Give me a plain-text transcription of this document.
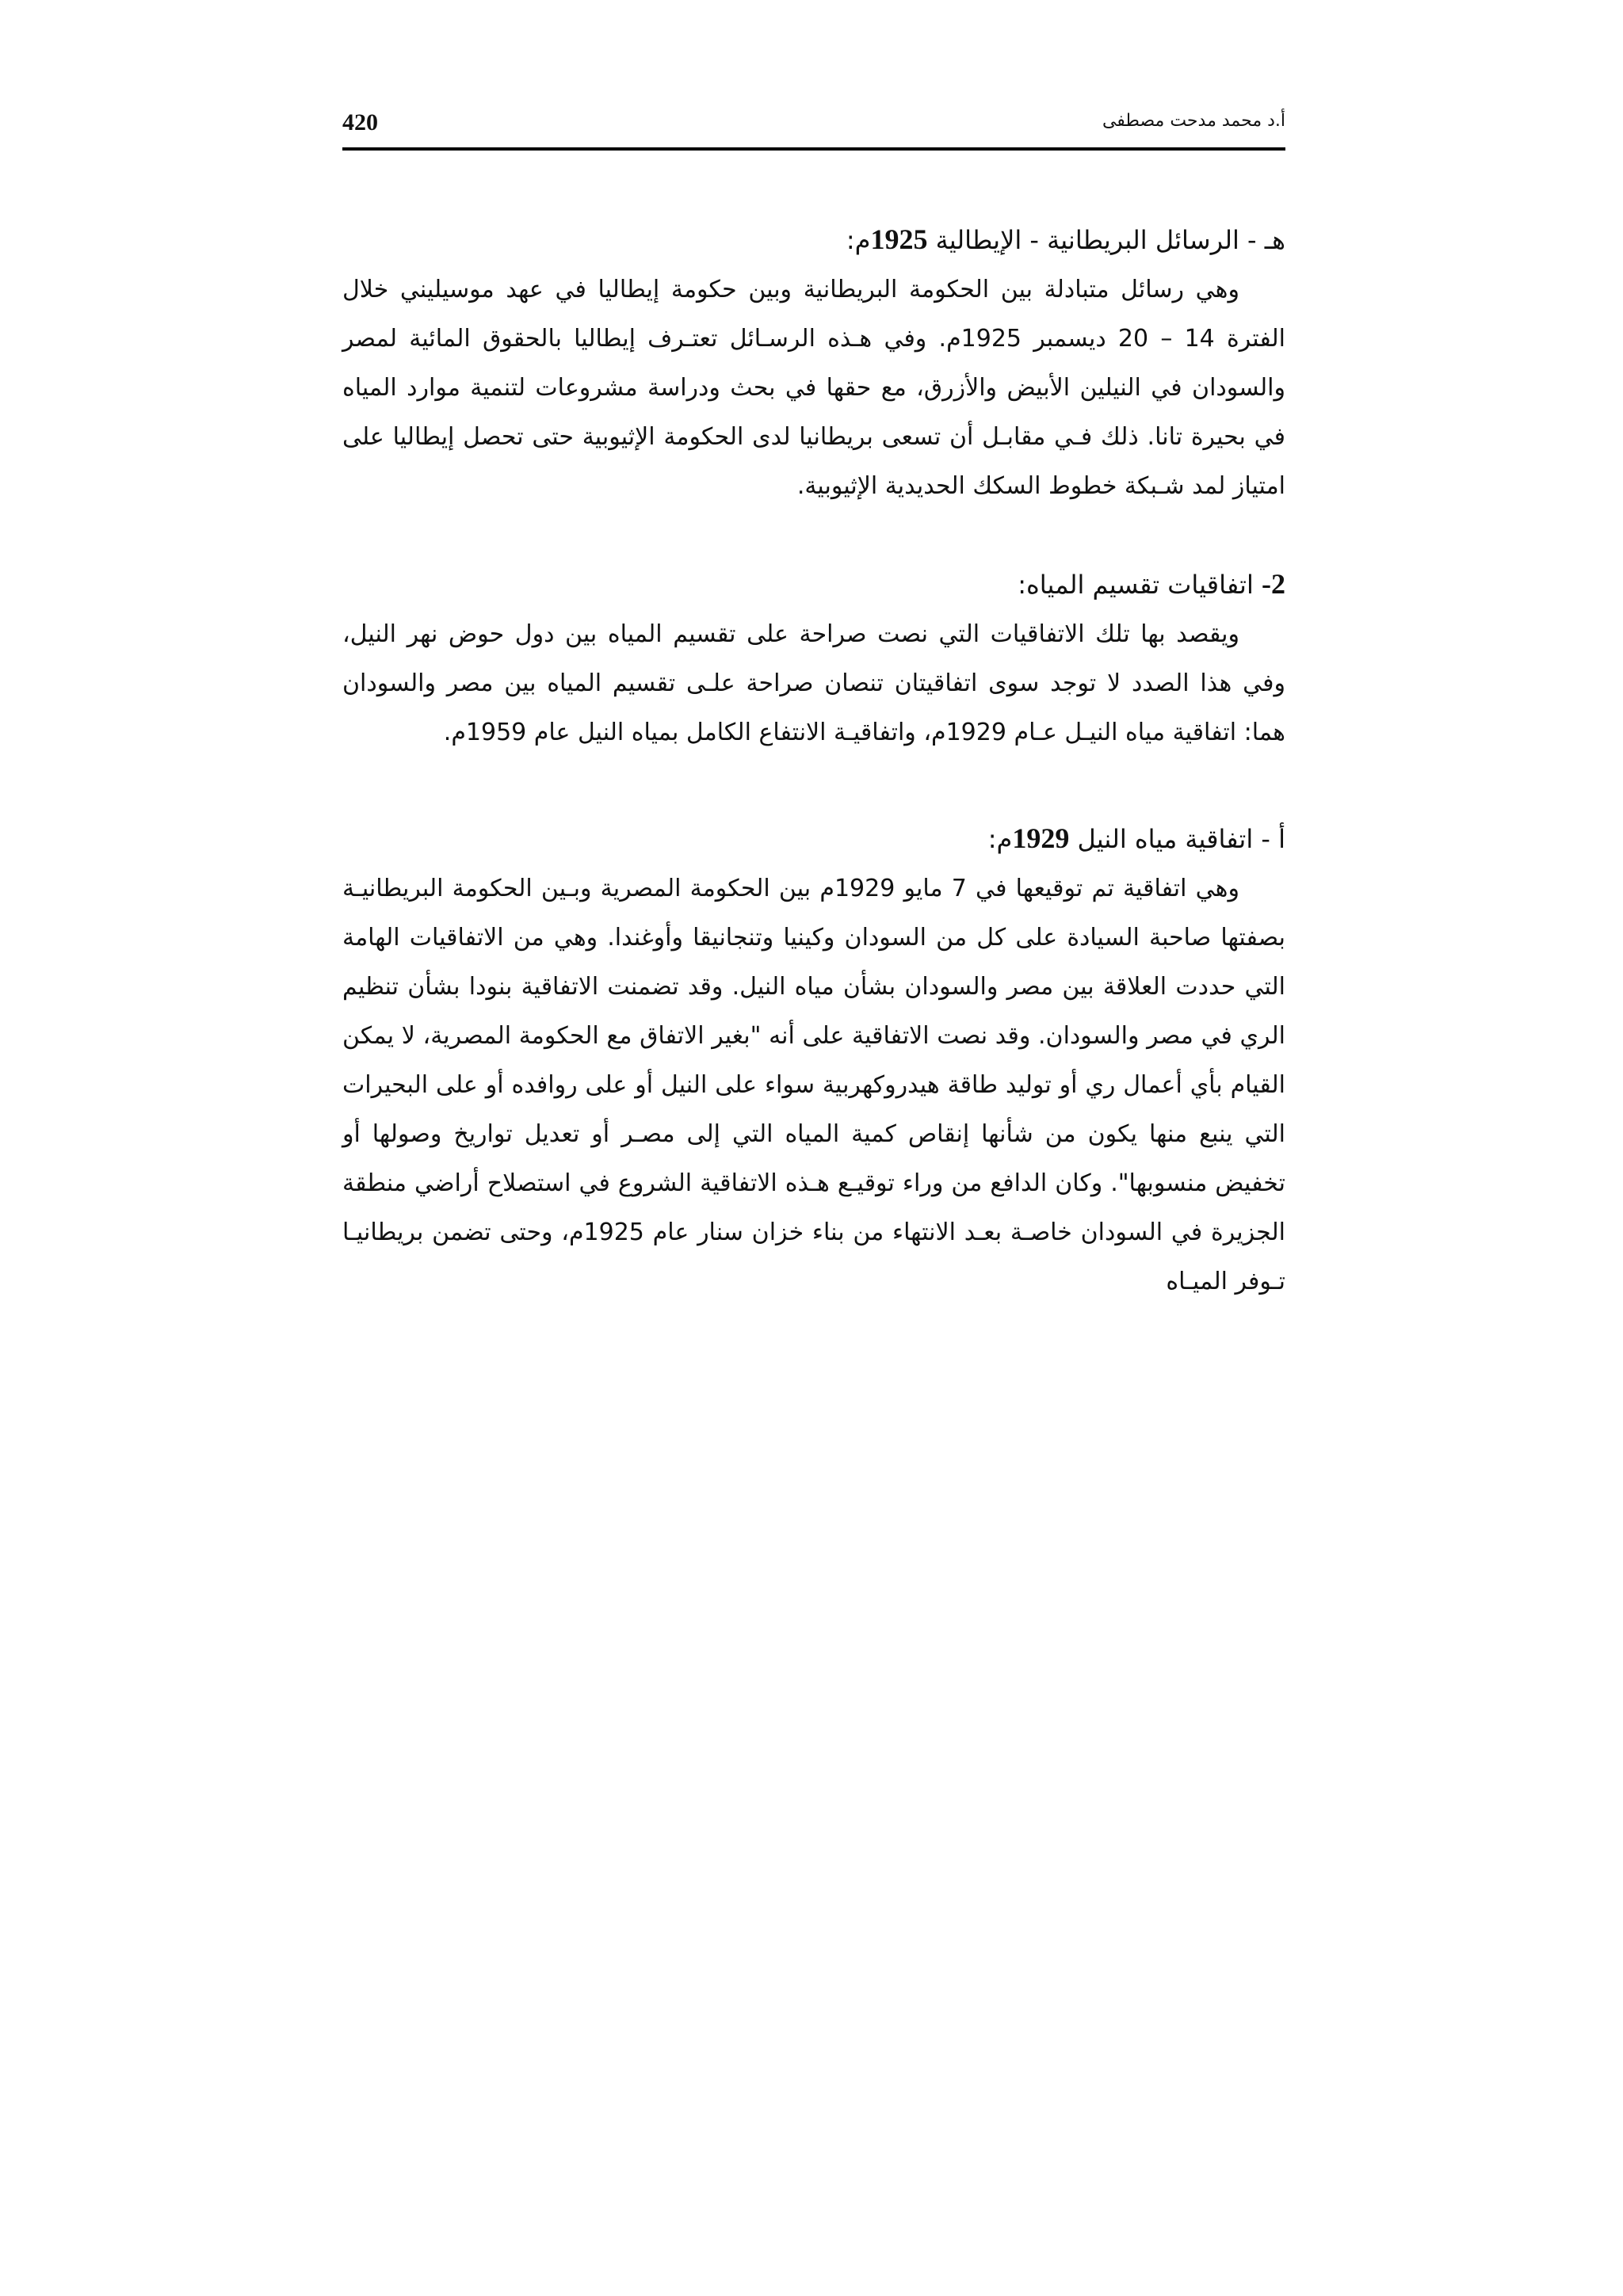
420	أ.د محمد مدحت مصطفى
هـ - الرسائل البريطانية - الإيطالية 1925م:

وهي رسائل متبادلة بين الحكومة البريطانية وبين حكومة إيطاليا في عهد موسيليني خلال الفترة 14 – 20 ديسمبر 1925م. وفي هـذه الرسـائل تعتـرف إيطاليا بالحقوق المائية لمصر والسودان في النيلين الأبيض والأزرق، مع حقها في بحث ودراسة مشروعات لتنمية موارد المياه في بحيرة تانا. ذلك فـي مقابـل أن تسعى بريطانيا لدى الحكومة الإثيوبية حتى تحصل إيطاليا على امتياز لمد شـبكة خطوط السكك الحديدية الإثيوبية.

2- اتفاقيات تقسيم المياه:

ويقصد بها تلك الاتفاقيات التي نصت صراحة على تقسيم المياه بين دول حوض نهر النيل، وفي هذا الصدد لا توجد سوى اتفاقيتان تنصان صراحة علـى تقسيم المياه بين مصر والسودان هما: اتفاقية مياه النيـل عـام 1929م، واتفاقيـة الانتفاع الكامل بمياه النيل عام 1959م.

أ - اتفاقية مياه النيل 1929م:

وهي اتفاقية تم توقيعها في 7 مايو 1929م بين الحكومة المصرية وبـين الحكومة البريطانيـة بصفتها صاحبة السيادة على كل من السودان وكينيا وتنجانيقا وأوغندا. وهي من الاتفاقيات الهامة التي حددت العلاقة بين مصر والسودان بشأن مياه النيل. وقد تضمنت الاتفاقية بنودا بشأن تنظيم الري في مصر والسودان. وقد نصت الاتفاقية على أنه "بغير الاتفاق مع الحكومة المصرية، لا يمكن القيام بأي أعمال ري أو توليد طاقة هيدروكهربية سواء على النيل أو على روافده أو على البحيرات التي ينبع منها يكون من شأنها إنقاص كمية المياه التي إلى مصـر أو تعديل تواريخ وصولها أو تخفيض منسوبها". وكان الدافع من وراء توقيـع هـذه الاتفاقية الشروع في استصلاح أراضي منطقة الجزيرة في السودان خاصـة بعـد الانتهاء من بناء خزان سنار عام 1925م، وحتى تضمن بريطانيـا تـوفر الميـاه
